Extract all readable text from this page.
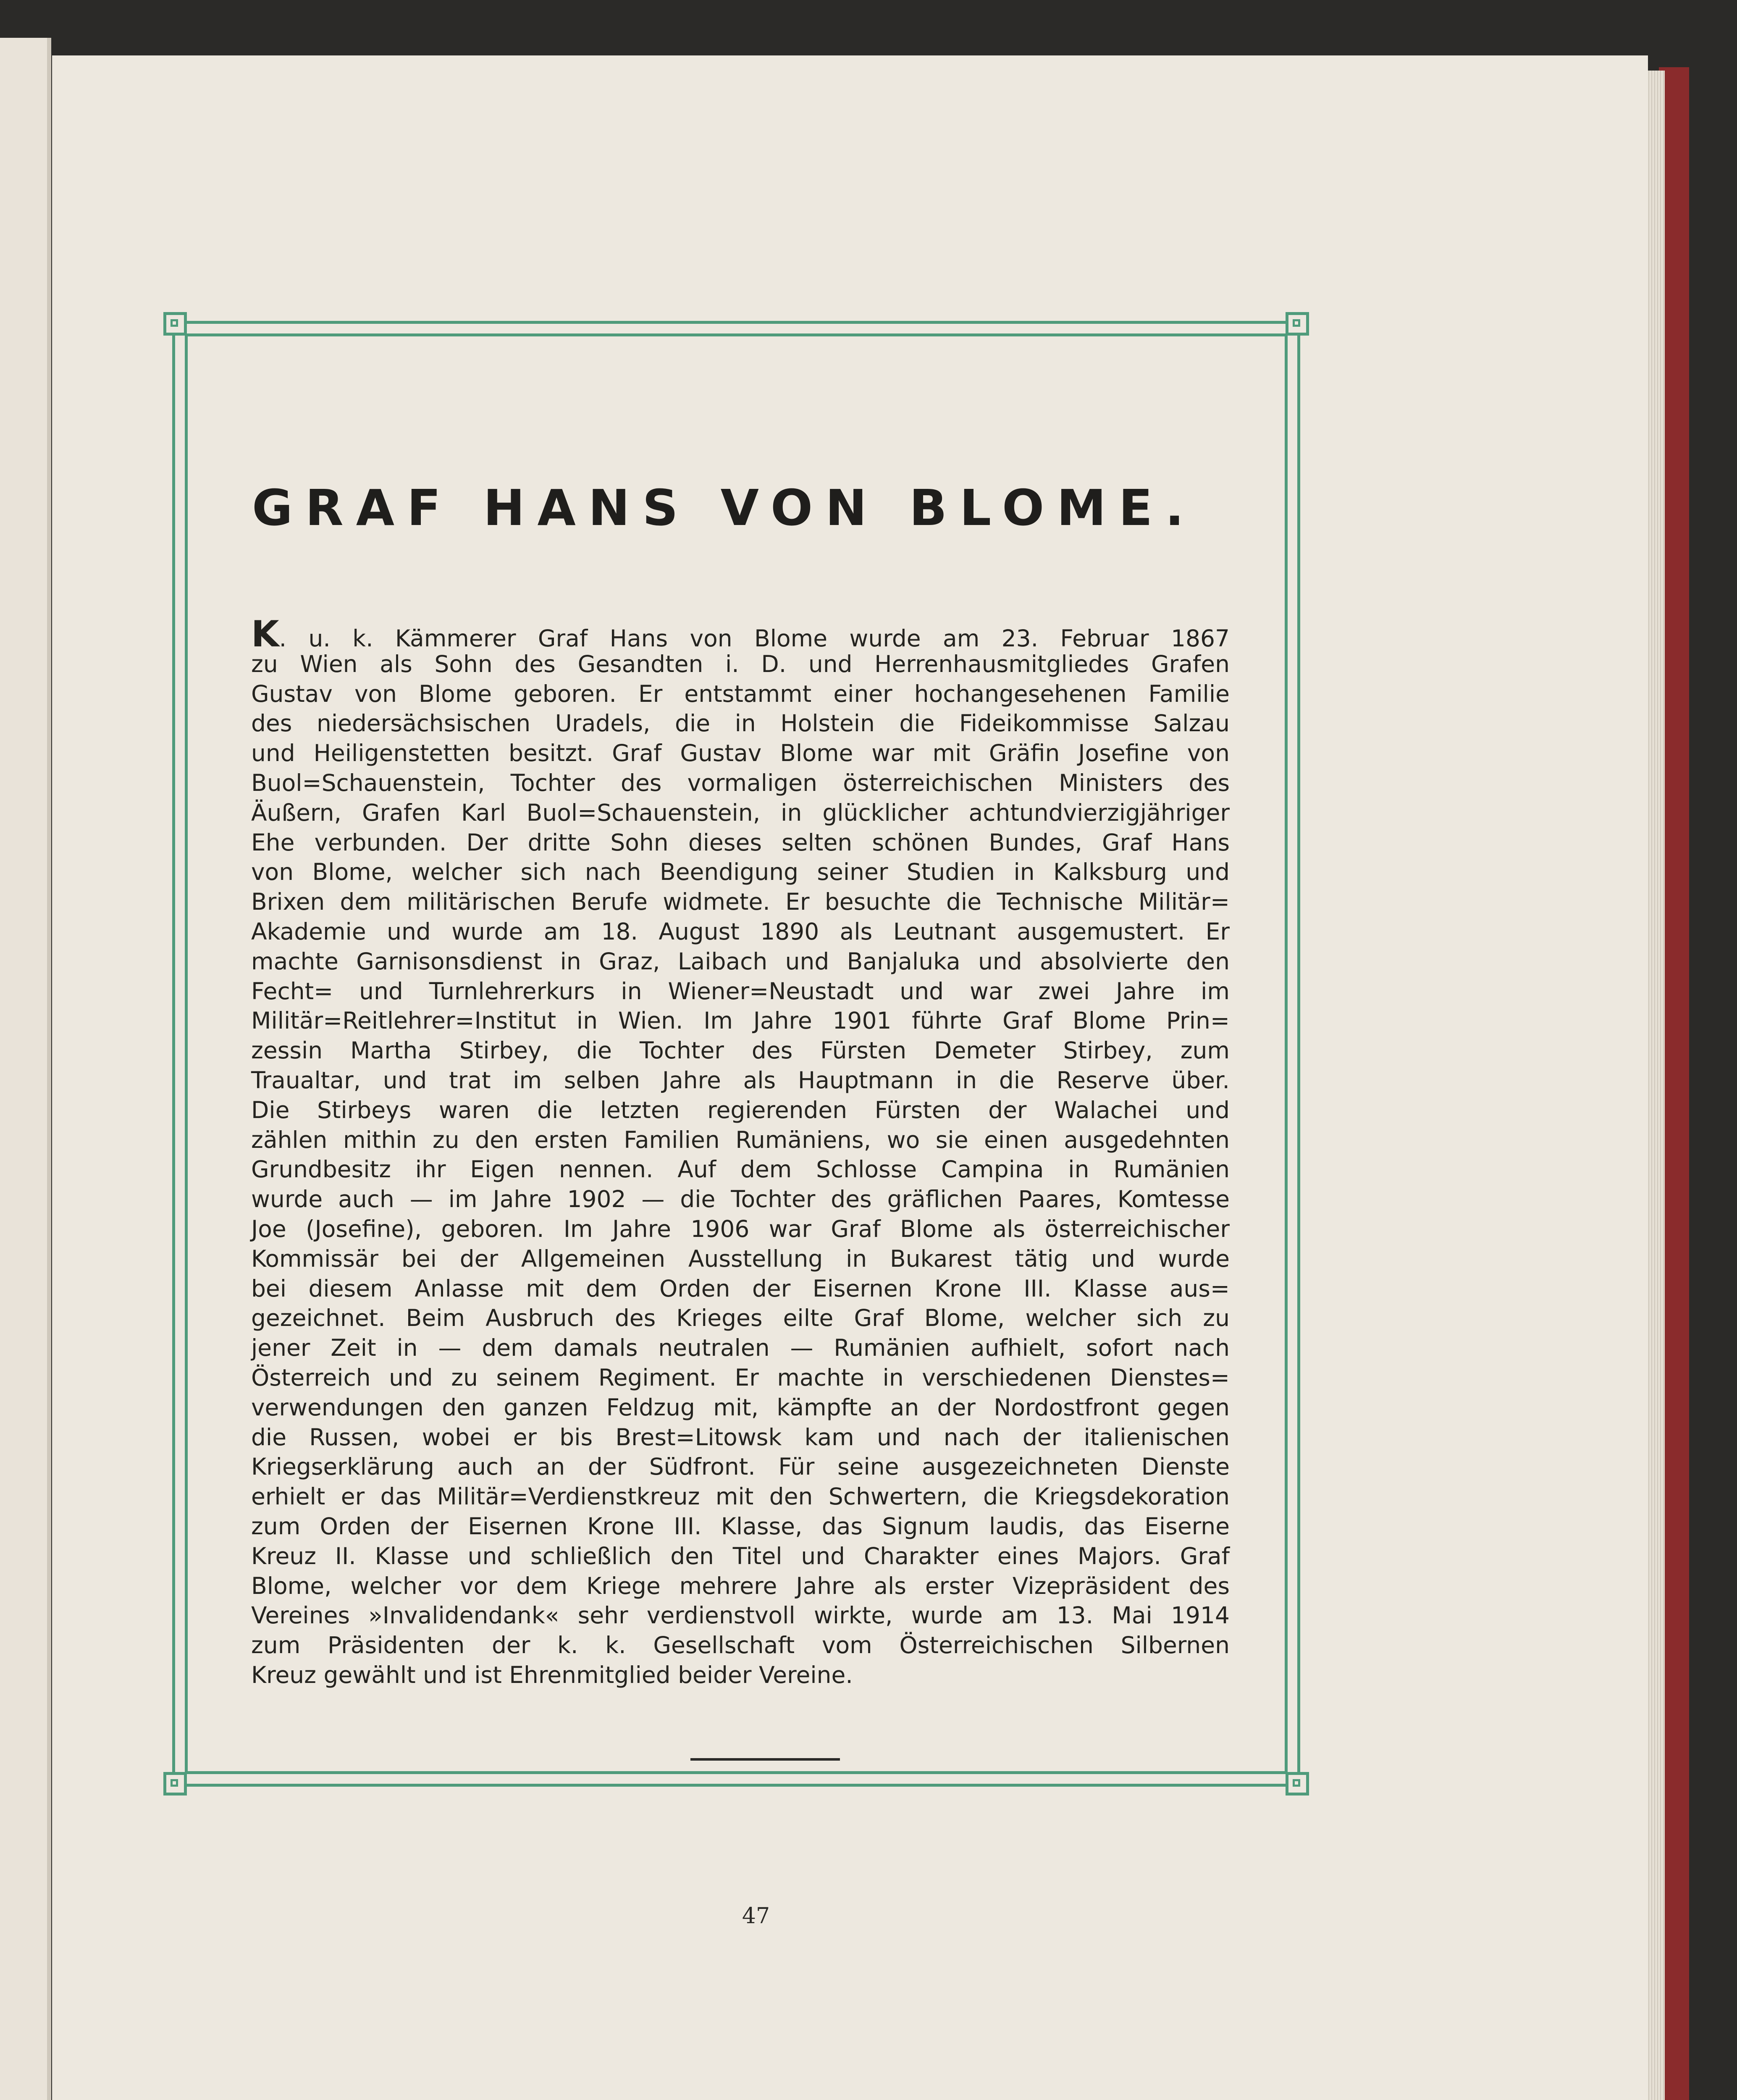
GRAF HANS VON BLOME.
K. u. k. Kämmerer Graf Hans von Blome wurde am 23. Februar 1867
zu Wien als Sohn des Gesandten i. D. und Herrenhausmitgliedes Grafen
Gustav von Blome geboren. Er entstammt einer hochangesehenen Familie
des niedersächsischen Uradels, die in Holstein die Fideikommisse Salzau
und Heiligenstetten besitzt. Graf Gustav Blome war mit Gräfin Josefine von
Buol=Schauenstein, Tochter des vormaligen österreichischen Ministers des
Äußern, Grafen Karl Buol=Schauenstein, in glücklicher achtundvierzigjähriger
Ehe verbunden. Der dritte Sohn dieses selten schönen Bundes, Graf Hans
von Blome, welcher sich nach Beendigung seiner Studien in Kalksburg und
Brixen dem militärischen Berufe widmete. Er besuchte die Technische Militär=
Akademie und wurde am 18. August 1890 als Leutnant ausgemustert. Er
machte Garnisonsdienst in Graz, Laibach und Banjaluka und absolvierte den
Fecht= und Turnlehrerkurs in Wiener=Neustadt und war zwei Jahre im
Militär=Reitlehrer=Institut in Wien. Im Jahre 1901 führte Graf Blome Prin=
zessin Martha Stirbey, die Tochter des Fürsten Demeter Stirbey, zum
Traualtar, und trat im selben Jahre als Hauptmann in die Reserve über.
Die Stirbeys waren die letzten regierenden Fürsten der Walachei und
zählen mithin zu den ersten Familien Rumäniens, wo sie einen ausgedehnten
Grundbesitz ihr Eigen nennen. Auf dem Schlosse Campina in Rumänien
wurde auch — im Jahre 1902 — die Tochter des gräflichen Paares, Komtesse
Joe (Josefine), geboren. Im Jahre 1906 war Graf Blome als österreichischer
Kommissär bei der Allgemeinen Ausstellung in Bukarest tätig und wurde
bei diesem Anlasse mit dem Orden der Eisernen Krone III. Klasse aus=
gezeichnet. Beim Ausbruch des Krieges eilte Graf Blome, welcher sich zu
jener Zeit in — dem damals neutralen — Rumänien aufhielt, sofort nach
Österreich und zu seinem Regiment. Er machte in verschiedenen Dienstes=
verwendungen den ganzen Feldzug mit, kämpfte an der Nordostfront gegen
die Russen, wobei er bis Brest=Litowsk kam und nach der italienischen
Kriegserklärung auch an der Südfront. Für seine ausgezeichneten Dienste
erhielt er das Militär=Verdienstkreuz mit den Schwertern, die Kriegsdekoration
zum Orden der Eisernen Krone III. Klasse, das Signum laudis, das Eiserne
Kreuz II. Klasse und schließlich den Titel und Charakter eines Majors. Graf
Blome, welcher vor dem Kriege mehrere Jahre als erster Vizepräsident des
Vereines »Invalidendank« sehr verdienstvoll wirkte, wurde am 13. Mai 1914
zum Präsidenten der k. k. Gesellschaft vom Österreichischen Silbernen
Kreuz gewählt und ist Ehrenmitglied beider Vereine.
47
